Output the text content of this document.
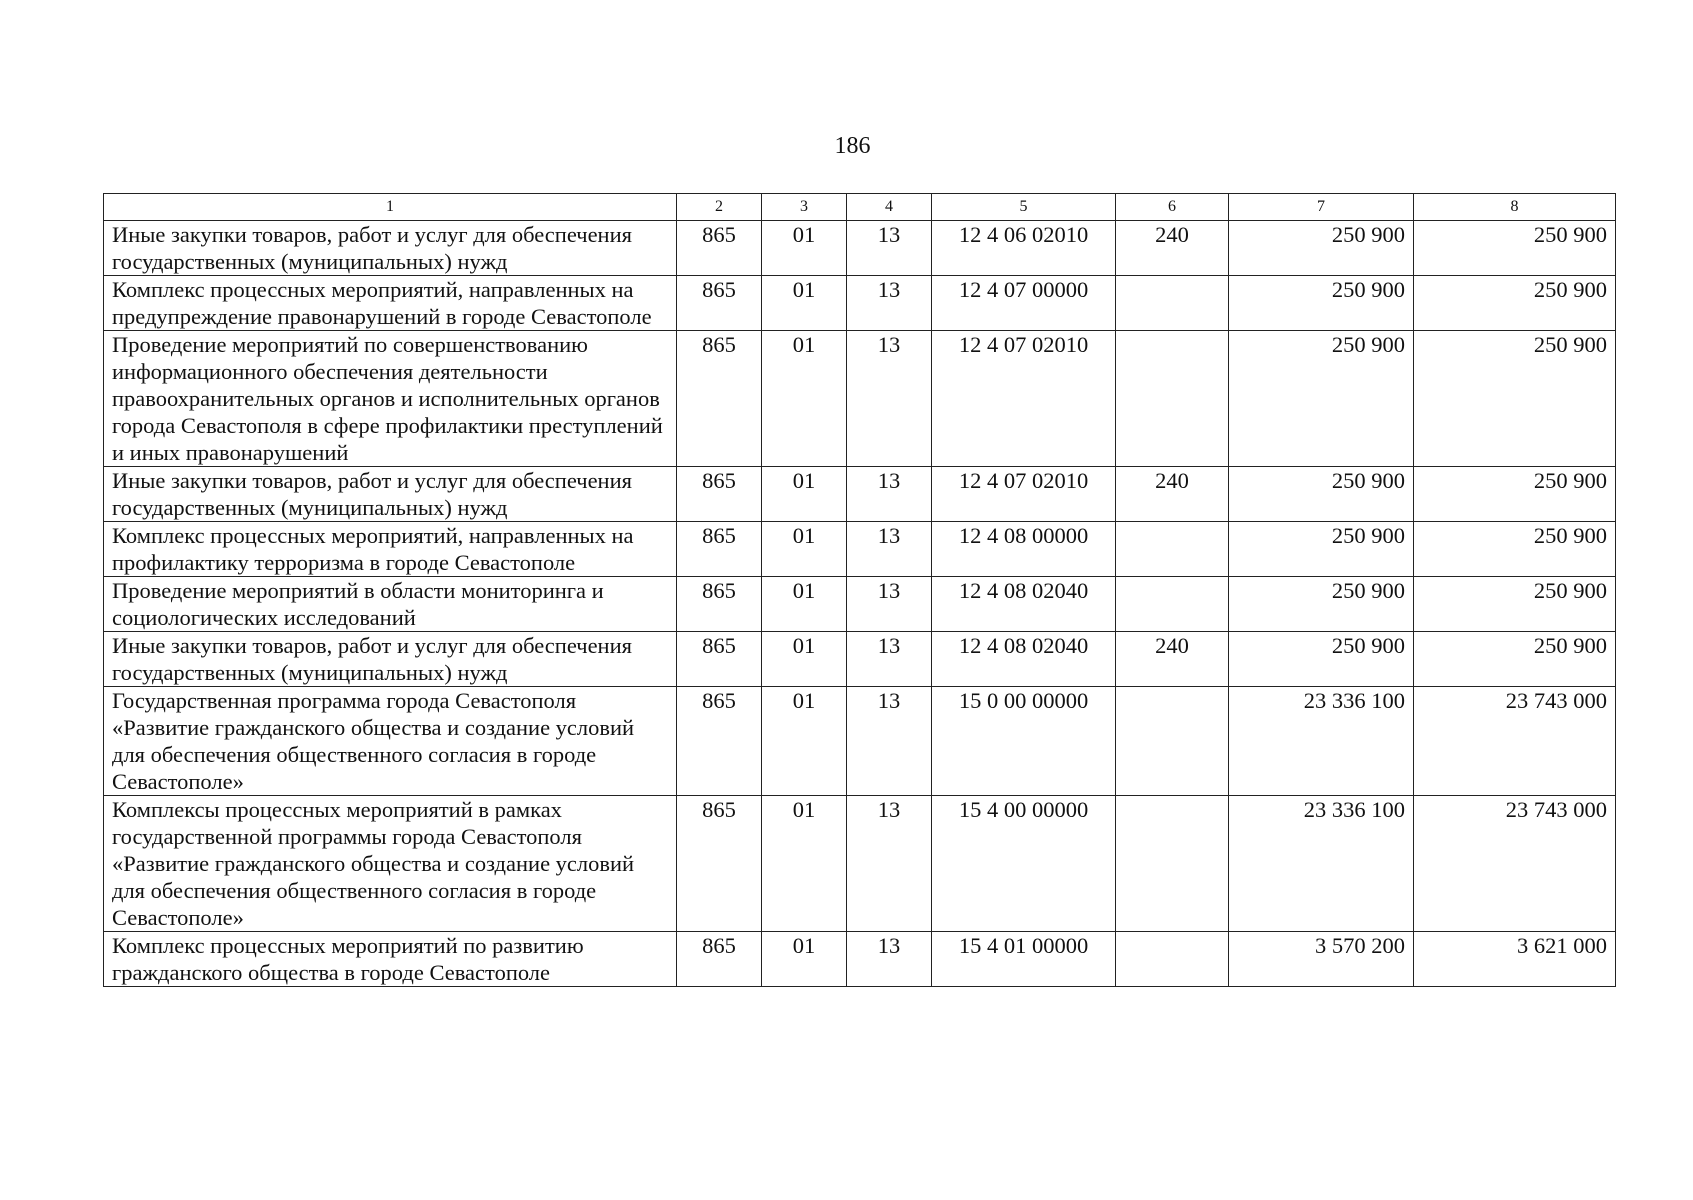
186
1	2	3	4	5	6	7	8
Иные закупки товаров, работ и услуг для обеспечения государственных (муниципальных) нужд	865	01	13	12 4 06 02010	240	250 900	250 900
Комплекс процессных мероприятий, направленных на предупреждение правонарушений в городе Севастополе	865	01	13	12 4 07 00000		250 900	250 900
Проведение мероприятий по совершенствованию информационного обеспечения деятельности правоохранительных органов и исполнительных органов города Севастополя в сфере профилактики преступлений и иных правонарушений	865	01	13	12 4 07 02010		250 900	250 900
Иные закупки товаров, работ и услуг для обеспечения государственных (муниципальных) нужд	865	01	13	12 4 07 02010	240	250 900	250 900
Комплекс процессных мероприятий, направленных на профилактику терроризма в городе Севастополе	865	01	13	12 4 08 00000		250 900	250 900
Проведение мероприятий в области мониторинга и социологических исследований	865	01	13	12 4 08 02040		250 900	250 900
Иные закупки товаров, работ и услуг для обеспечения государственных (муниципальных) нужд	865	01	13	12 4 08 02040	240	250 900	250 900
Государственная программа города Севастополя «Развитие гражданского общества и создание условий для обеспечения общественного согласия в городе Севастополе»	865	01	13	15 0 00 00000		23 336 100	23 743 000
Комплексы процессных мероприятий в рамках государственной программы города Севастополя «Развитие гражданского общества и создание условий для обеспечения общественного согласия в городе Севастополе»	865	01	13	15 4 00 00000		23 336 100	23 743 000
Комплекс процессных мероприятий по развитию гражданского общества в городе Севастополе	865	01	13	15 4 01 00000		3 570 200	3 621 000
